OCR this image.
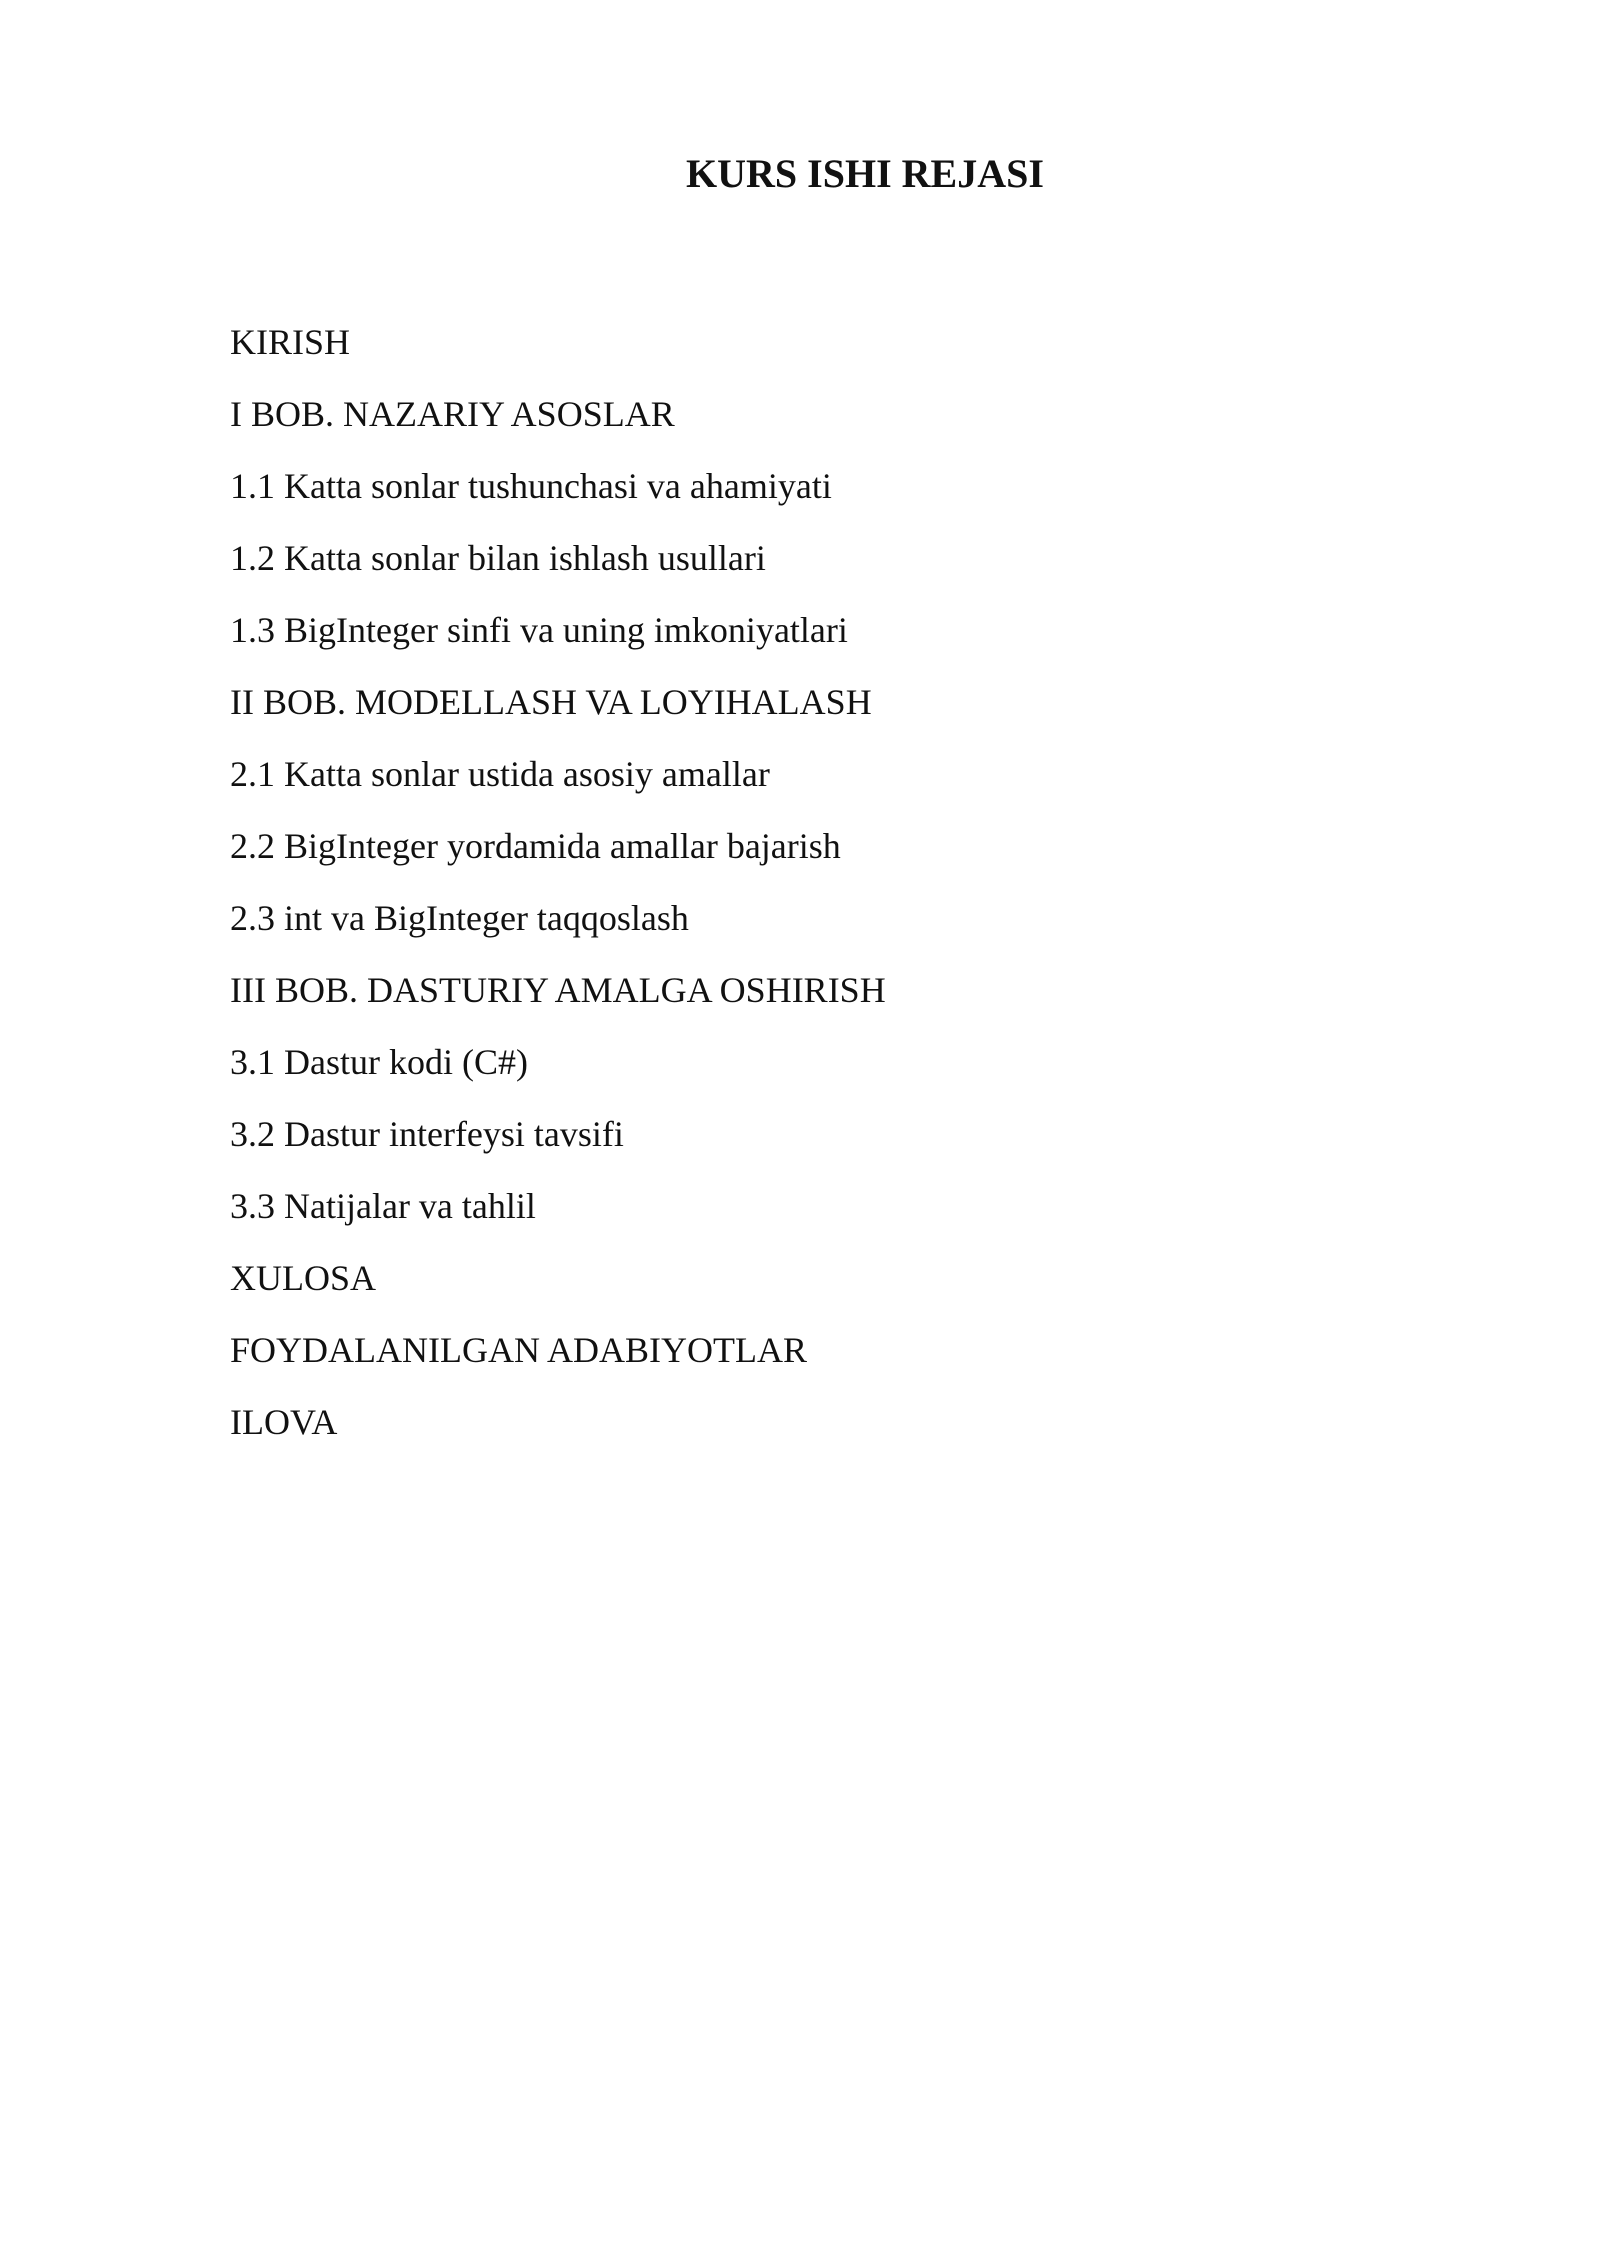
KURS ISHI REJASI
KIRISH
I BOB. NAZARIY ASOSLAR
1.1 Katta sonlar tushunchasi va ahamiyati
1.2 Katta sonlar bilan ishlash usullari
1.3 BigInteger sinfi va uning imkoniyatlari
II BOB. MODELLASH VA LOYIHALASH
2.1 Katta sonlar ustida asosiy amallar
2.2 BigInteger yordamida amallar bajarish
2.3 int va BigInteger taqqoslash
III BOB. DASTURIY AMALGA OSHIRISH
3.1 Dastur kodi (C#)
3.2 Dastur interfeysi tavsifi
3.3 Natijalar va tahlil
XULOSA
FOYDALANILGAN ADABIYOTLAR
ILOVA
